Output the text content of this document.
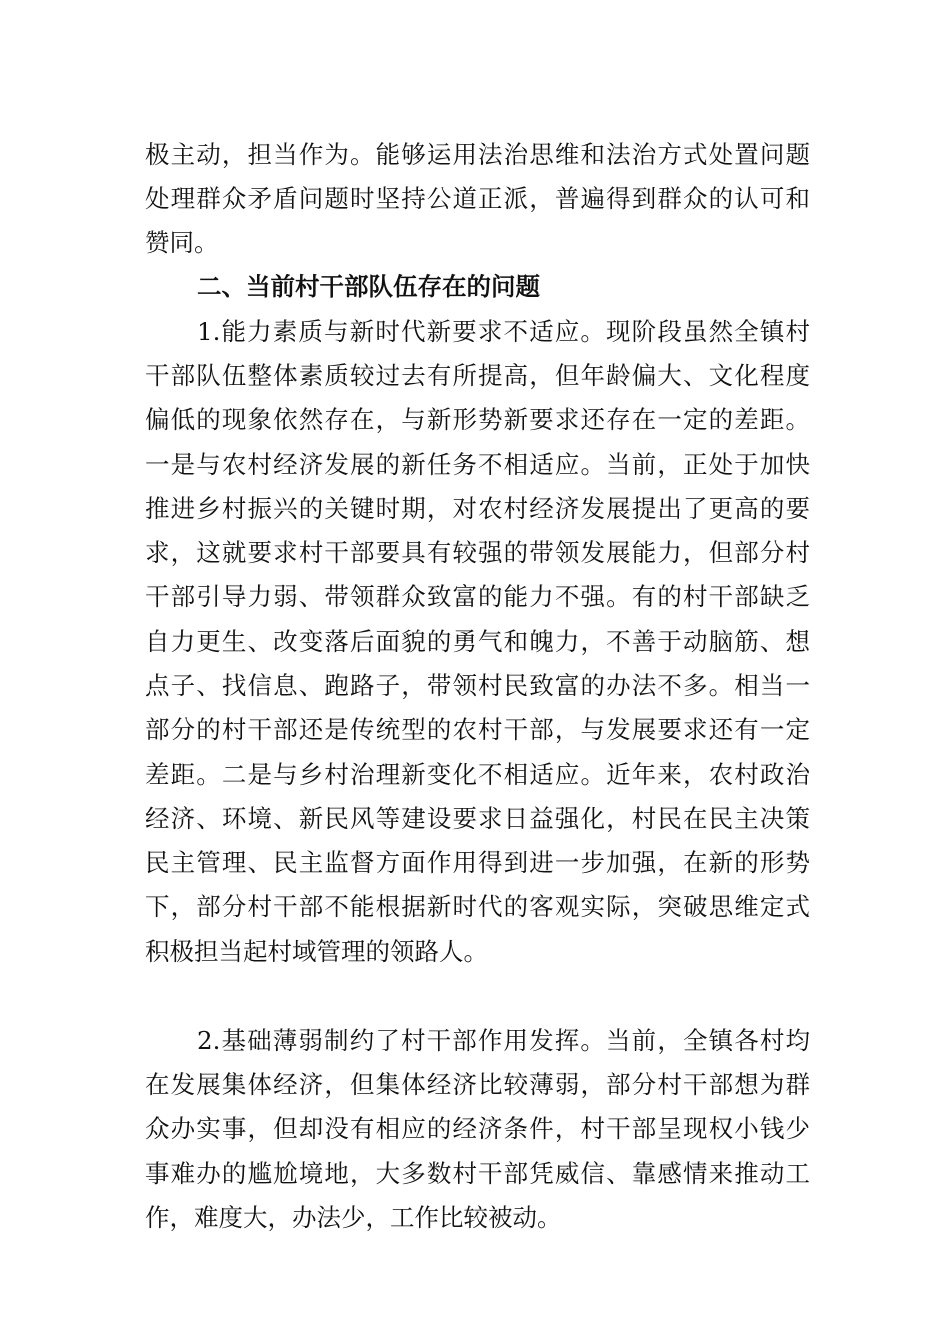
极主动，担当作为。能够运用法治思维和法治方式处置问题

处理群众矛盾问题时坚持公道正派，普遍得到群众的认可和

赞同。

二、当前村干部队伍存在的问题

1.能力素质与新时代新要求不适应。现阶段虽然全镇村

干部队伍整体素质较过去有所提高，但年龄偏大、文化程度

偏低的现象依然存在，与新形势新要求还存在一定的差距。

一是与农村经济发展的新任务不相适应。当前，正处于加快

推进乡村振兴的关键时期，对农村经济发展提出了更高的要

求，这就要求村干部要具有较强的带领发展能力，但部分村

干部引导力弱、带领群众致富的能力不强。有的村干部缺乏

自力更生、改变落后面貌的勇气和魄力，不善于动脑筋、想

点子、找信息、跑路子，带领村民致富的办法不多。相当一

部分的村干部还是传统型的农村干部，与发展要求还有一定

差距。二是与乡村治理新变化不相适应。近年来，农村政治

经济、环境、新民风等建设要求日益强化，村民在民主决策

民主管理、民主监督方面作用得到进一步加强，在新的形势

下，部分村干部不能根据新时代的客观实际，突破思维定式

积极担当起村域管理的领路人。

2.基础薄弱制约了村干部作用发挥。当前，全镇各村均

在发展集体经济，但集体经济比较薄弱，部分村干部想为群

众办实事，但却没有相应的经济条件，村干部呈现权小钱少

事难办的尴尬境地，大多数村干部凭威信、靠感情来推动工

作，难度大，办法少，工作比较被动。
